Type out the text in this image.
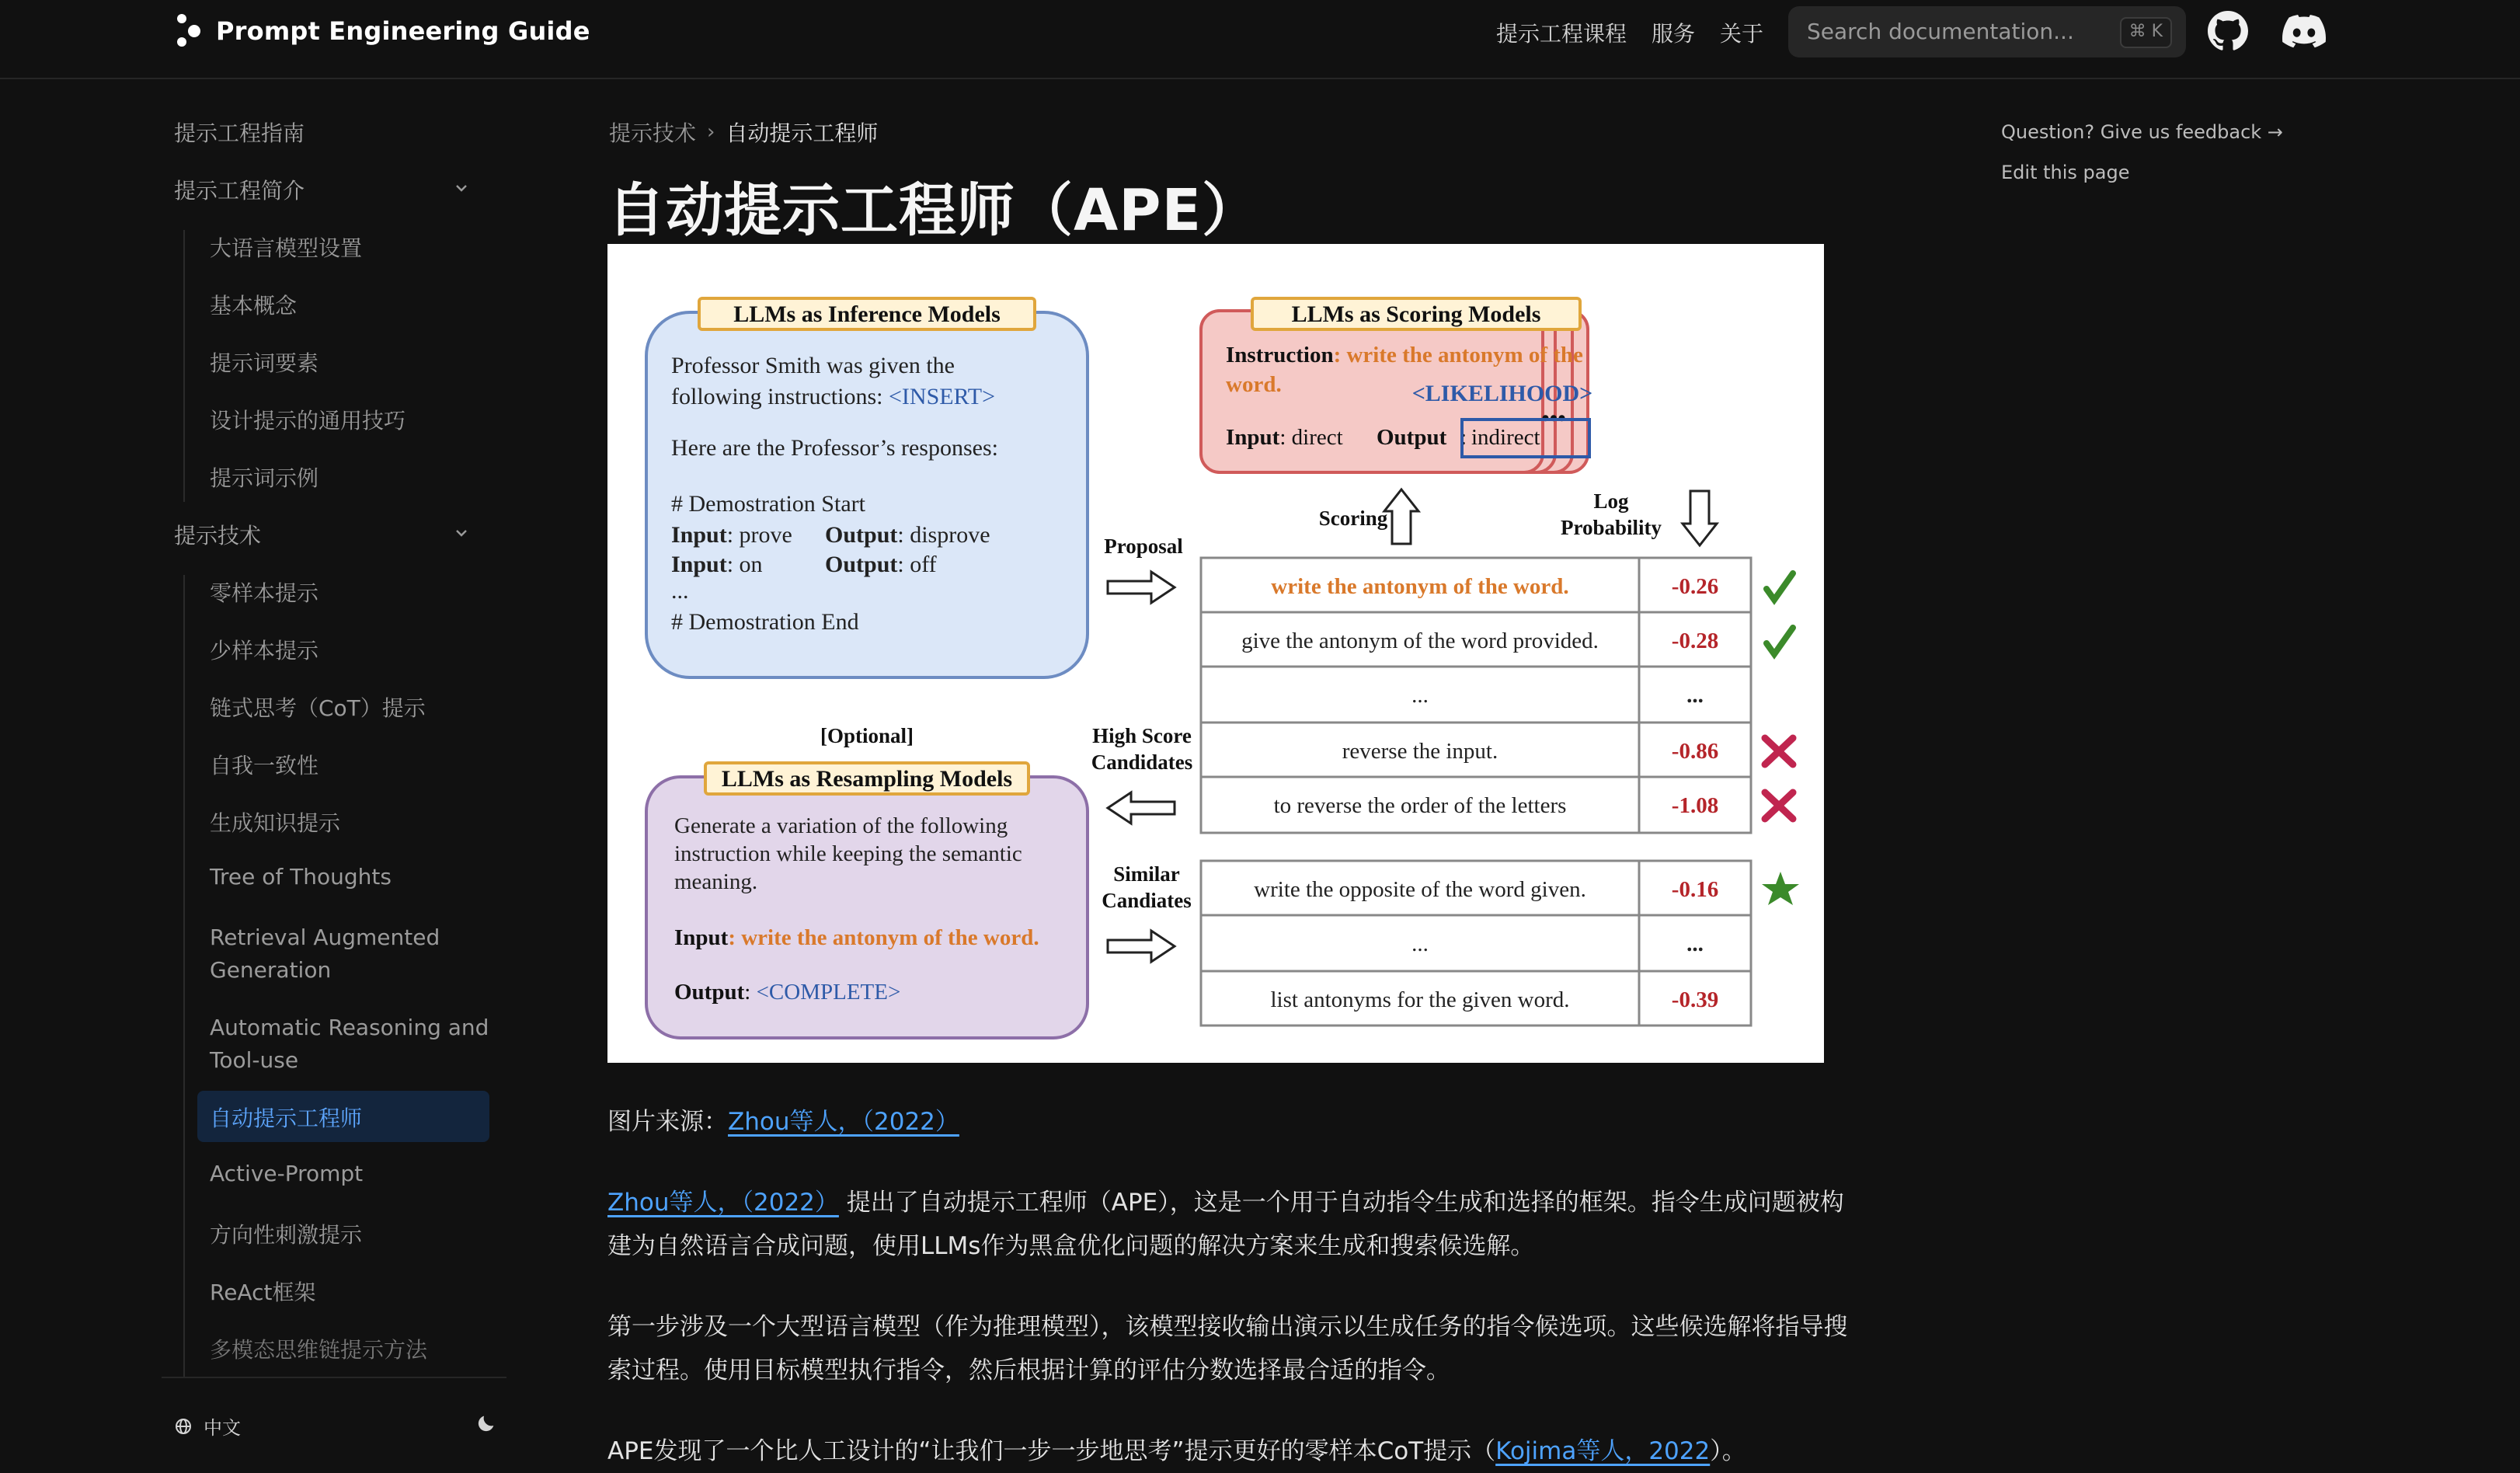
Prompt Engineering Guide	提示工程课程 服务 关于 Search documentation...	⌘ K
提示工程指南
提示工程简介
大语言模型设置
基本概念
提示词要素
设计提示的通用技巧
提示词示例
提示技术
零样本提示
少样本提示
链式思考（CoT）提示
自我一致性
生成知识提示
Tree of Thoughts
Retrieval Augmented
Generation
Automatic Reasoning and
Tool-use
自动提示工程师
Active-Prompt
方向性刺激提示
ReAct框架
多模态思维链提示方法
中文
提示技术 › 自动提示工程师
自动提示工程师（APE）
LLMs as Inference Models
Professor Smith was given the
following instructions: <INSERT>
Here are the Professor’s responses:
# Demostration Start
Input: prove Output: disprove
Input: on	Output: off
...
# Demostration End
•••
LLMs as Scoring Models
Instruction: write the antonym of the
word.	<LIKELIHOOD>
Input: direct Output : indirect
Scoring
Log
Probability
Proposal
write the antonym of the word.	-0.26
give the antonym of the word provided.	-0.28
...	...
reverse the input.	-0.86
to reverse the order of the letters	-1.08
High Score
Candidates
[Optional]
LLMs as Resampling Models
Generate a variation of the following
instruction while keeping the semantic
meaning.
Input: write the antonym of the word.
Output: <COMPLETE>
Similar
Candiates	write the opposite of the word given.	-0.16
...	...
list antonyms for the given word.	-0.39
图片来源：Zhou等人，（2022）
Zhou等人，（2022） 提出了自动提示工程师（APE），这是一个用于自动指令生成和选择的框架。指令生成问题被构
建为自然语言合成问题，使用LLMs作为黑盒优化问题的解决方案来生成和搜索候选解。
第一步涉及一个大型语言模型（作为推理模型），该模型接收输出演示以生成任务的指令候选项。这些候选解将指导搜
索过程。使用目标模型执行指令，然后根据计算的评估分数选择最合适的指令。
APE发现了一个比人工设计的“让我们一步一步地思考”提示更好的零样本CoT提示（Kojima等人，2022）。
Question? Give us feedback →
Edit this page
